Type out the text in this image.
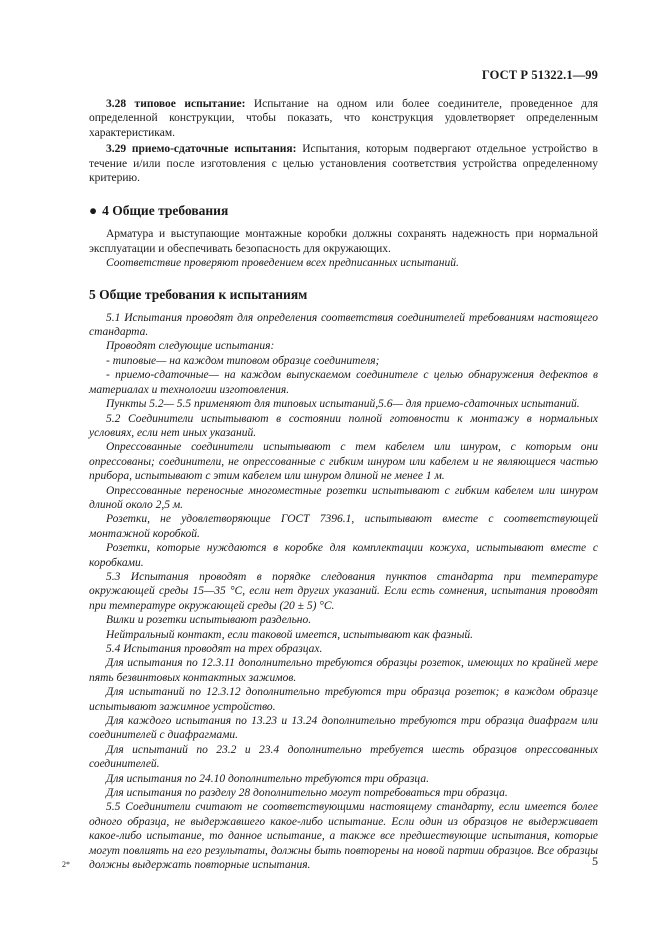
ГОСТ Р 51322.1—99

3.28 типовое испытание: Испытание на одном или более соединителе, проведенное для определенной конструкции, чтобы показать, что конструкция удовлетворяет определенным характеристикам.

3.29 приемо-сдаточные испытания: Испытания, которым подвергают отдельное устройство в течение и/или после изготовления с целью установления соответствия устройства определенному критерию.

● 4 Общие требования

Арматура и выступающие монтажные коробки должны сохранять надежность при нормальной эксплуатации и обеспечивать безопасность для окружающих.

Соответствие проверяют проведением всех предписанных испытаний.

5 Общие требования к испытаниям

5.1 Испытания проводят для определения соответствия соединителей требованиям настоящего стандарта.

Проводят следующие испытания:

- типовые— на каждом типовом образце соединителя;

- приемо-сдаточные— на каждом выпускаемом соединителе с целью обнаружения дефектов в материалах и технологии изготовления.

Пункты 5.2— 5.5 применяют для типовых испытаний,5.6— для приемо-сдаточных испытаний.

5.2 Соединители испытывают в состоянии полной готовности к монтажу в нормальных условиях, если нет иных указаний.

Опрессованные соединители испытывают с тем кабелем или шнуром, с которым они опрессованы; соединители, не опрессованные с гибким шнуром или кабелем и не являющиеся частью прибора, испытывают с этим кабелем или шнуром длиной не менее 1 м.

Опрессованные переносные многоместные розетки испытывают с гибким кабелем или шнуром длиной около 2,5 м.

Розетки, не удовлетворяющие ГОСТ 7396.1, испытывают вместе с соответствующей монтажной коробкой.

Розетки, которые нуждаются в коробке для комплектации кожуха, испытывают вместе с коробками.

5.3 Испытания проводят в порядке следования пунктов стандарта при температуре окружающей среды 15—35 °С, если нет других указаний. Если есть сомнения, испытания проводят при температуре окружающей среды (20 ± 5) °С.

Вилки и розетки испытывают раздельно.

Нейтральный контакт, если таковой имеется, испытывают как фазный.

5.4 Испытания проводят на трех образцах.

Для испытания по 12.3.11 дополнительно требуются образцы розеток, имеющих по крайней мере пять безвинтовых контактных зажимов.

Для испытаний по 12.3.12 дополнительно требуются три образца розеток; в каждом образце испытывают зажимное устройство.

Для каждого испытания по 13.23 и 13.24 дополнительно требуются три образца диафрагм или соединителей с диафрагмами.

Для испытаний по 23.2 и 23.4 дополнительно требуется шесть образцов опрессованных соединителей.

Для испытания по 24.10 дополнительно требуются три образца.

Для испытания по разделу 28 дополнительно могут потребоваться три образца.

5.5 Соединители считают не соответствующими настоящему стандарту, если имеется более одного образца, не выдержавшего какое-либо испытание. Если один из образцов не выдерживает какое-либо испытание, то данное испытание, а также все предшествующие испытания, которые могут повлиять на его результаты, должны быть повторены на новой партии образцов. Все образцы должны выдержать повторные испытания.

2*	5
